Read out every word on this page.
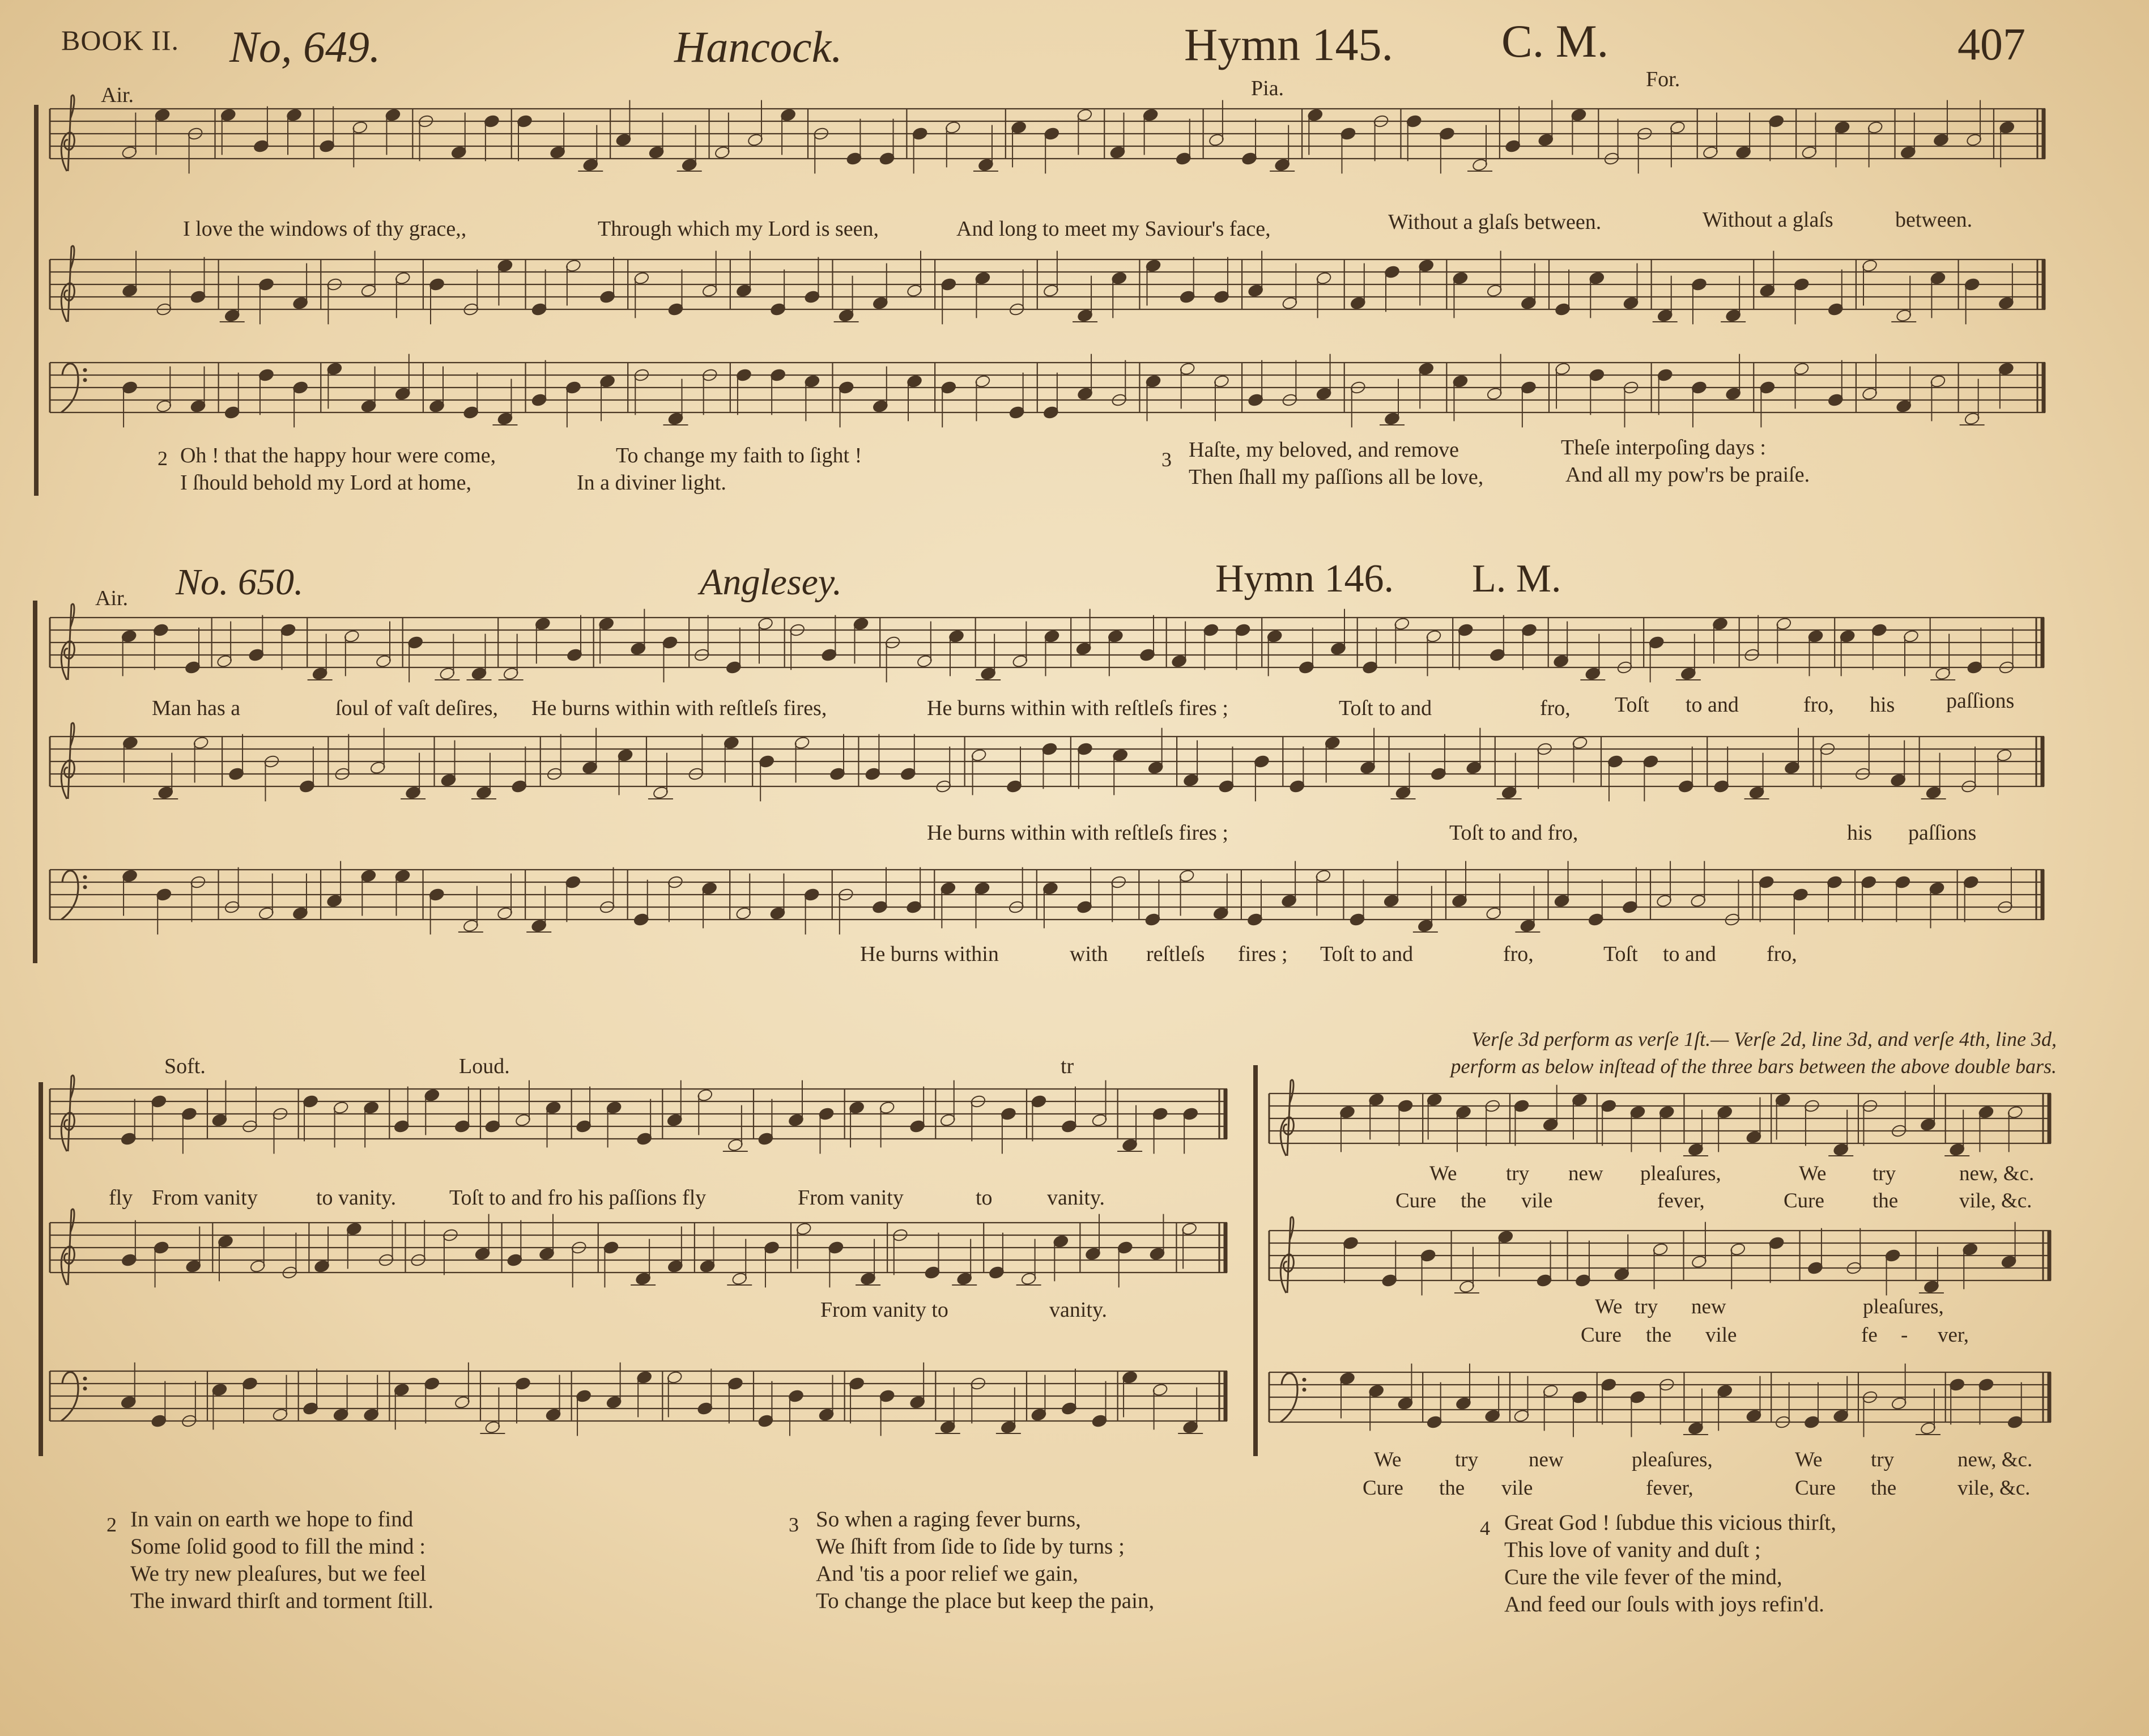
BOOK II. No, 649.	Hancock.	Hymn 145. C. M.	407
Air.	Pia.	For.
I love the windows of thy grace,,	Through which my Lord is seen,	And long to meet my Saviour's face,	Without a glaſs between.	Without a glaſs	between.
2 Oh ! that the happy hour were come,	To change my faith to ſight !
I ſhould behold my Lord at home,	In a diviner light.
3 Haſte, my beloved, and remove	Theſe interpoſing days :
Then ſhall my paſſions all be love,	And all my pow'rs be praiſe.
Air. No. 650.	Anglesey.	Hymn 146. L. M.
Man has a	ſoul of vaſt deſires, He burns within with reſtleſs fires,	He burns within with reſtleſs fires ;	Toſt to and	fro, Toſt to and	fro, his paſſions
He burns within with reſtleſs fires ;	Toſt to and fro,	his paſſions
He burns within	with reſtleſs fires ; Toſt to and	fro,	Toſt to and fro,
Soft.	Loud.	tr
fly From vanity	to vanity. Toſt to and fro his paſſions fly	From vanity	to	vanity.
From vanity to	vanity.
Verſe 3d perform as verſe 1ſt.— Verſe 2d, line 3d, and verſe 4th, line 3d,
perform as below inſtead of the three bars between the above double bars.
We try new pleaſures,	We try	new, &c.
Cure the vile	fever,	Cure the	vile, &c.
We try new	pleaſures,
Cure the vile	fe - ver,
We	try new	pleaſures,	We try	new, &c.
Cure the vile	fever,	Cure the	vile, &c.
2 In vain on earth we hope to find
Some ſolid good to fill the mind :
We try new pleaſures, but we feel
The inward thirſt and torment ſtill.
3 So when a raging fever burns,
We ſhift from ſide to ſide by turns ;
And 'tis a poor relief we gain,
To change the place but keep the pain,
4 Great God ! ſubdue this vicious thirſt,
This love of vanity and duſt ;
Cure the vile fever of the mind,
And feed our ſouls with joys refin'd.
